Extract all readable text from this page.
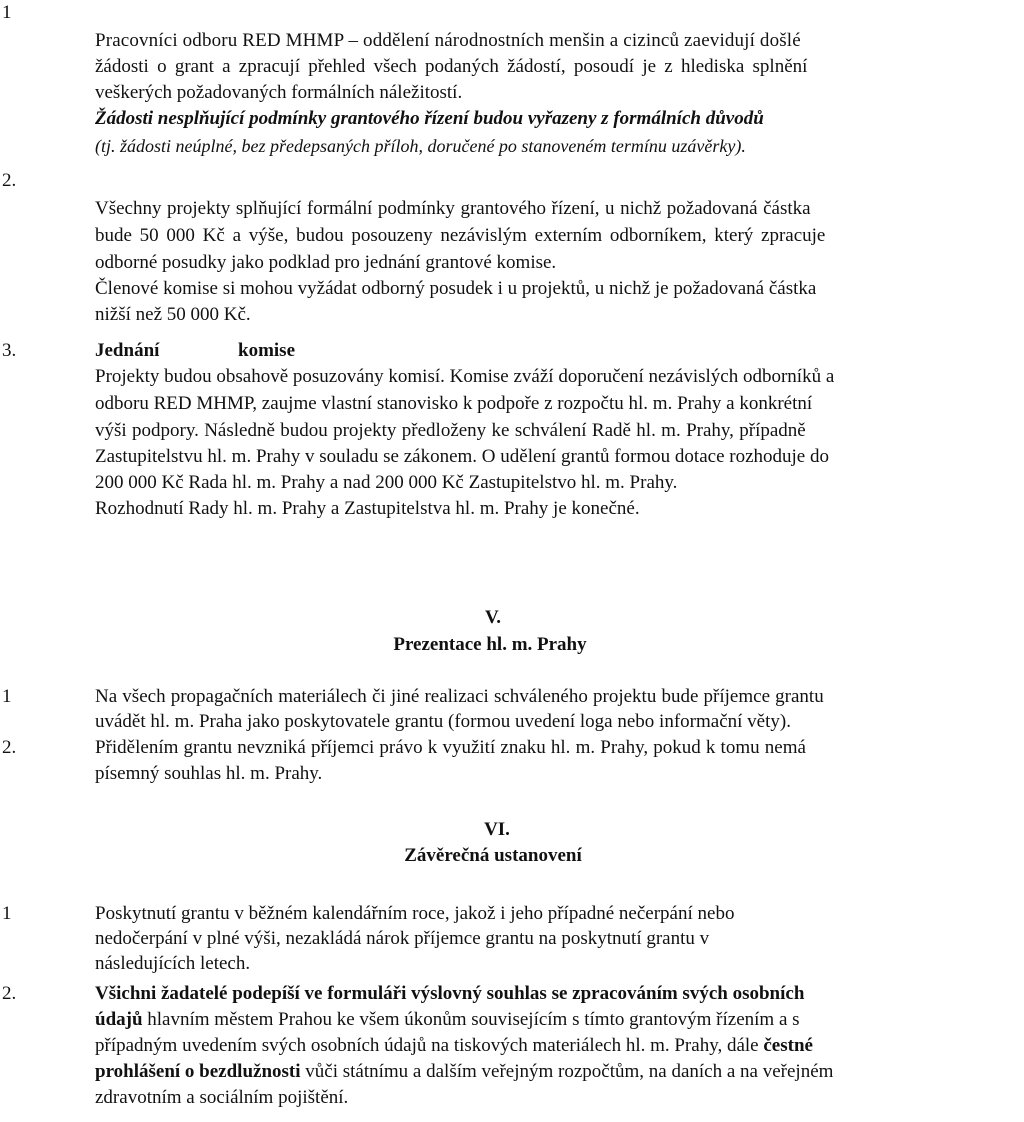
1
Pracovníci odboru RED MHMP – oddělení národnostních menšin a cizinců zaevidují došlé
žádosti o grant a zpracují přehled všech podaných žádostí, posoudí je z hlediska splnění
veškerých požadovaných formálních náležitostí.
Žádosti nesplňující podmínky grantového řízení budou vyřazeny z formálních důvodů
(tj. žádosti neúplné, bez předepsaných příloh, doručené po stanoveném termínu uzávěrky).
2.
Všechny projekty splňující formální podmínky grantového řízení, u nichž požadovaná částka
bude 50 000 Kč a výše, budou posouzeny nezávislým externím odborníkem, který zpracuje
odborné posudky jako podklad pro jednání grantové komise.
Členové komise si mohou vyžádat odborný posudek i u projektů, u nichž je požadovaná částka
nižší než 50 000 Kč.
3.	Jednání	komise
Projekty budou obsahově posuzovány komisí. Komise zváží doporučení nezávislých odborníků a
odboru RED MHMP, zaujme vlastní stanovisko k podpoře z rozpočtu hl. m. Prahy a konkrétní
výši podpory. Následně budou projekty předloženy ke schválení Radě hl. m. Prahy, případně
Zastupitelstvu hl. m. Prahy v souladu se zákonem. O udělení grantů formou dotace rozhoduje do
200 000 Kč Rada hl. m. Prahy a nad 200 000 Kč Zastupitelstvo hl. m. Prahy.
Rozhodnutí Rady hl. m. Prahy a Zastupitelstva hl. m. Prahy je konečné.
V.
Prezentace hl. m. Prahy
1	Na všech propagačních materiálech či jiné realizaci schváleného projektu bude příjemce grantu
uvádět hl. m. Praha jako poskytovatele grantu (formou uvedení loga nebo informační věty).
2.	Přidělením grantu nevzniká příjemci právo k využití znaku hl. m. Prahy, pokud k tomu nemá
písemný souhlas hl. m. Prahy.
VI.
Závěrečná ustanovení
1	Poskytnutí grantu v běžném kalendářním roce, jakož i jeho případné nečerpání nebo
nedočerpání v plné výši, nezakládá nárok příjemce grantu na poskytnutí grantu v
následujících letech.
2.	Všichni žadatelé podepíší ve formuláři výslovný souhlas se zpracováním svých osobních
údajů hlavním městem Prahou ke všem úkonům souvisejícím s tímto grantovým řízením a s
případným uvedením svých osobních údajů na tiskových materiálech hl. m. Prahy, dále čestné
prohlášení o bezdlužnosti vůči státnímu a dalším veřejným rozpočtům, na daních a na veřejném
zdravotním a sociálním pojištění.
